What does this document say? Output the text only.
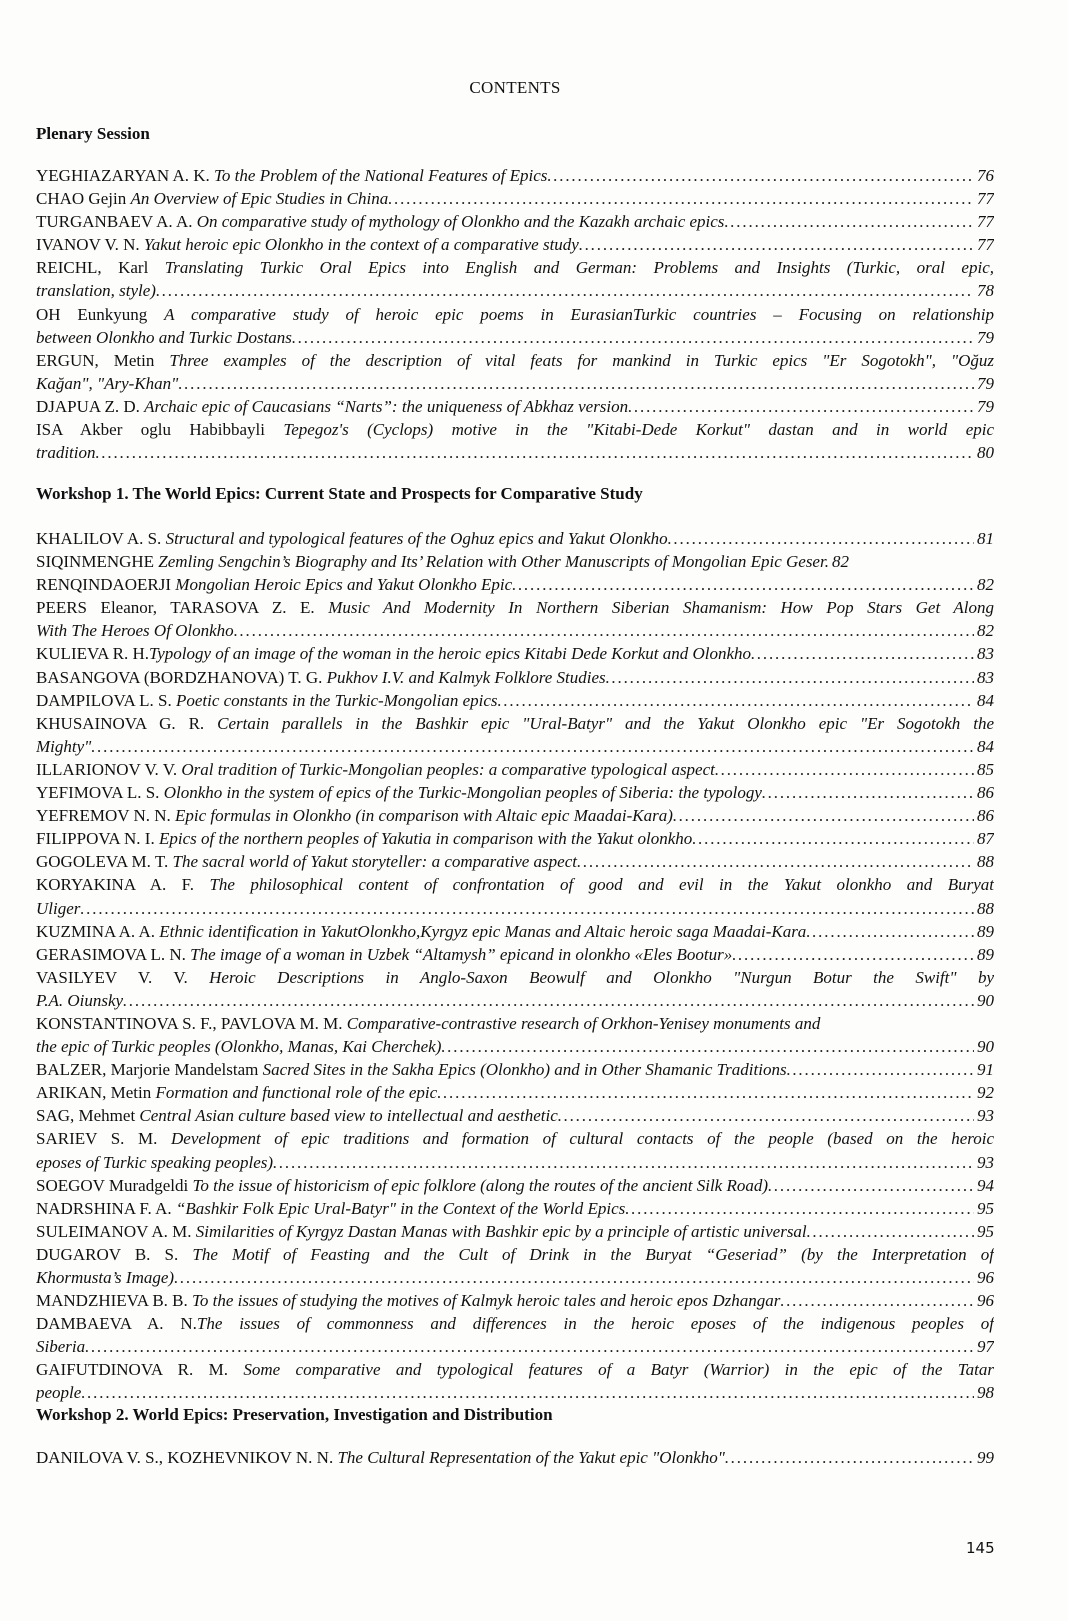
CONTENTS
Plenary Session
YEGHIAZARYAN A. K. To the Problem of the National Features of Epics . . .	76
CHAO Gejin An Overview of Epic Studies in China . . .	77
TURGANBAEV A. A. On comparative study of mythology of Olonkho and the Kazakh archaic epics . . .	77
IVANOV V. N. Yakut heroic epic Olonkho in the context of a comparative study . . .	77
REICHL, Karl Translating Turkic Oral Epics into English and German: Problems and Insights (Turkic, oral epic,
translation, style) . . .	78
OH Eunkyung A comparative study of heroic epic poems in EurasianTurkic countries – Focusing on relationship
between Olonkho and Turkic Dostans . . .	79
ERGUN, Metin Three examples of the description of vital feats for mankind in Turkic epics "Er Sogotokh", "Oğuz
Kağan", "Ary-Khan" . . .	79
DJAPUA Z. D. Archaic epic of Caucasians “Narts”: the uniqueness of Abkhaz version . . .	79
ISA Akber oglu Habibbayli Tepegoz's (Cyclops) motive in the "Kitabi-Dede Korkut" dastan and in world epic
tradition . . .	80
Workshop 1. The World Epics: Current State and Prospects for Comparative Study
KHALILOV A. S. Structural and typological features of the Oghuz epics and Yakut Olonkho . . .	81
SIQINMENGHE Zemling Sengchin’s Biography and Its’ Relation with Other Manuscripts of Mongolian Epic Geser. 82
RENQINDAOERJI Mongolian Heroic Epics and Yakut Olonkho Epic . . .	82
PEERS Eleanor, TARASOVA Z. E. Music And Modernity In Northern Siberian Shamanism: How Pop Stars Get Along
With The Heroes Of Olonkho . . .	82
KULIEVA R. H.Typology of an image of the woman in the heroic epics Kitabi Dede Korkut and Olonkho . . .	83
BASANGOVA (BORDZHANOVA) T. G. Pukhov I.V. and Kalmyk Folklore Studies . . .	83
DAMPILOVA L. S. Poetic constants in the Turkic-Mongolian epics . . .	84
KHUSAINOVA G. R. Certain parallels in the Bashkir epic "Ural-Batyr" and the Yakut Olonkho epic "Er Sogotokh the
Mighty" . . .	84
ILLARIONOV V. V. Oral tradition of Turkic-Mongolian peoples: a comparative typological aspect . . .	85
YEFIMOVA L. S. Olonkho in the system of epics of the Turkic-Mongolian peoples of Siberia: the typology . . .	86
YEFREMOV N. N. Epic formulas in Olonkho (in comparison with Altaic epic Maadai-Kara) . . .	86
FILIPPOVA N. I. Epics of the northern peoples of Yakutia in comparison with the Yakut olonkho . . .	87
GOGOLEVA M. T. The sacral world of Yakut storyteller: a comparative aspect . . .	88
KORYAKINA A. F. The philosophical content of confrontation of good and evil in the Yakut olonkho and Buryat
Uliger . . .	88
KUZMINA A. A. Ethnic identification in YakutOlonkho,Kyrgyz epic Manas and Altaic heroic saga Maadai-Kara . . .	89
GERASIMOVA L. N. The image of a woman in Uzbek “Altamysh” epicand in olonkho «Eles Bootur» . . .	89
VASILYEV V. V. Heroic Descriptions in Anglo-Saxon Beowulf and Olonkho "Nurgun Botur the Swift" by
P.A. Oiunsky . . .	90
KONSTANTINOVA S. F., PAVLOVA M. M. Comparative-contrastive research of Orkhon-Yenisey monuments and
the epic of Turkic peoples (Olonkho, Manas, Kai Cherchek) . . .	90
BALZER, Marjorie Mandelstam Sacred Sites in the Sakha Epics (Olonkho) and in Other Shamanic Traditions . . .	91
ARIKAN, Metin Formation and functional role of the epic . . .	92
SAG, Mehmet Central Asian culture based view to intellectual and aesthetic . . .	93
SARIEV S. M. Development of epic traditions and formation of cultural contacts of the people (based on the heroic
eposes of Turkic speaking peoples) . . .	93
SOEGOV Muradgeldi To the issue of historicism of epic folklore (along the routes of the ancient Silk Road) . . .	94
NADRSHINA F. A. “Bashkir Folk Epic Ural-Batyr" in the Context of the World Epics . . .	95
SULEIMANOV A. M. Similarities of Kyrgyz Dastan Manas with Bashkir epic by a principle of artistic universal . . .	95
DUGAROV B. S. The Motif of Feasting and the Cult of Drink in the Buryat “Geseriad” (by the Interpretation of
Khormusta’s Image) . . .	96
MANDZHIEVA B. B. To the issues of studying the motives of Kalmyk heroic tales and heroic epos Dzhangar . . .	96
DAMBAEVA A. N.The issues of commonness and differences in the heroic eposes of the indigenous peoples of
Siberia . . .	97
GAIFUTDINOVA R. M. Some comparative and typological features of a Batyr (Warrior) in the epic of the Tatar
people . . .	98
Workshop 2. World Epics: Preservation, Investigation and Distribution
DANILOVA V. S., KOZHEVNIKOV N. N. The Cultural Representation of the Yakut epic "Olonkho" . . .	99
145
